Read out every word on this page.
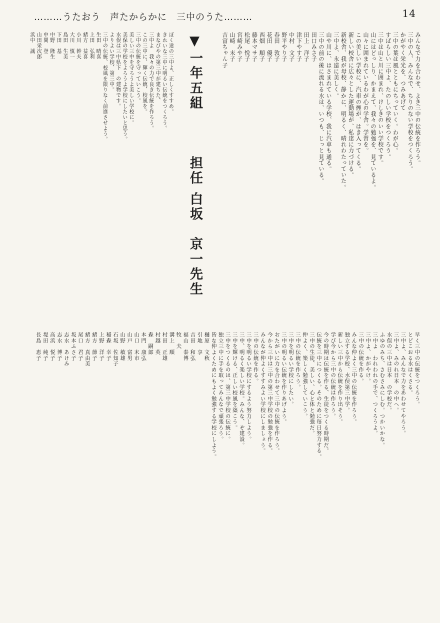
………うたおう　声たからかに　三中のうた………	14
みんなで力を合わせ、よき三中の伝統を作ろう。
三中の人、みんなで、ちりのない学校をつくろう。
かがやく栄光を、つみあげて
三中の葉は風とともにちっていく。わが心。
すばらしい三中よ、たのしい学校をつくろう。
三中は山と川に囲まれ、けしきのいい学校です。
山にはどっしり、かまえて、我々の勉強を、見ているよ。
山々に囲まれているわが心の学舎。学習を。
この美しい学校に、汽車の煙が、はき入ってくる。
新しい校舎に広々とした運動場が、私達に力づける。
新校舎、我が母校、静かに、明るく、晴れわたっていた。
三中よ、永遠に美しく。
山や川に、はさまれている学校、我に汽車も通る。
三中の前の後に流れる水は、いつも、じっと見ている。
田口みさ子
田上　洋子
津下やす子
中村　文子
野平やり子
春田　敦子
花田　優子
西畑　順子
藤本マサ子
松尾　悦子
宮崎みや子
山崎　末子
吉富ちゃん子
▼一年五組 担任 白坂　京一先生
ぼく達の三中よ、正しくすすめ。
きれいな三中に明るい伝統をつくろう。
まなびやの第三中が建ちた、
三中よ　我々の力で良き伝統を作ろう。
この三中に、輝く伝統、校風を。
三中の伝統を守っていこう。
美しい三中を守ろうよ美しい学校に。
美保の学校をよろうよ学校にしたいと思う。
水俣は三中県下　の建物です。
よりよい学校、第三中。
三中の伝統、校風を限りなく前進させよう。
生田　晴喜
上田　弘利
緒方　益喜
小川　幹夫
大川　慎一
島田　生美
下田　基
中野　隆生
中間　登
山田栄次郎
浜中　誠
早く三中の伝統をつくろう。
とどこおる水はくさる。
三中よ、みんなで力をあわせてやろう。
三中よ、みのれ日本　の中へ。
水俣の三中は日本　の学校だ。
ふゆのみち、さむさみにしむ。つかいかな。
三中よ　われわれの手で、つくろうよ。
三中よ、かがやけ。
三中の伝統を作る。
みんな仲よく三中の伝統を作ろう。
独立する学校、水俣第三中学。
新しい三中から伝統を作り出そう。
学び今から三中の伝統は作ろう。
今の時期は伝統を作る、生徒をつくる時期だ。
伝統を三中につくる。そのために毎日努力する。
三中の生徒、美しい、心と体と勉強だ。
仲よく、楽しく勉強していこう。
三中の伝統を作ろう。
三中を明るい学校にしたい。
三中の明るい伝統を作りあげよう。
おたがいに力を合わせて三中の伝統を作ろう。
今から三中は三中の第三中学校の勉強を作る。
みんなが仲よくすすみよい学校にしましょう。
三中の伝統を作る。
三中を明るい学校にするよう努力しよう。
三中、明るく楽しい学校。みんな、ぞ建設。
三中を輝ける、正しい校風を築こう。
三中をつくるのは、第三中学校の伝統に。
独立三中に手を取ってみんなで頑張ろう。
皆な仲よくためにもよく勉強する学校にしよう。
樋原　文秋
引地　享
吉田　和弘
福山　泰博
牧　夫
溝上　順
村田　正雄
村越　英
森　嗣郎
本門　康弘
山口　末市
山戸　富男
山野　敏雄
石坂　佐知子
稲森　幸子
上野　洋子
緒方　節子
緒方　真由美
尾口　君子
坂本ふさ子
志水　あけみ
志水　博子
高浜　悦子
堤田　純子
長島　恵子
